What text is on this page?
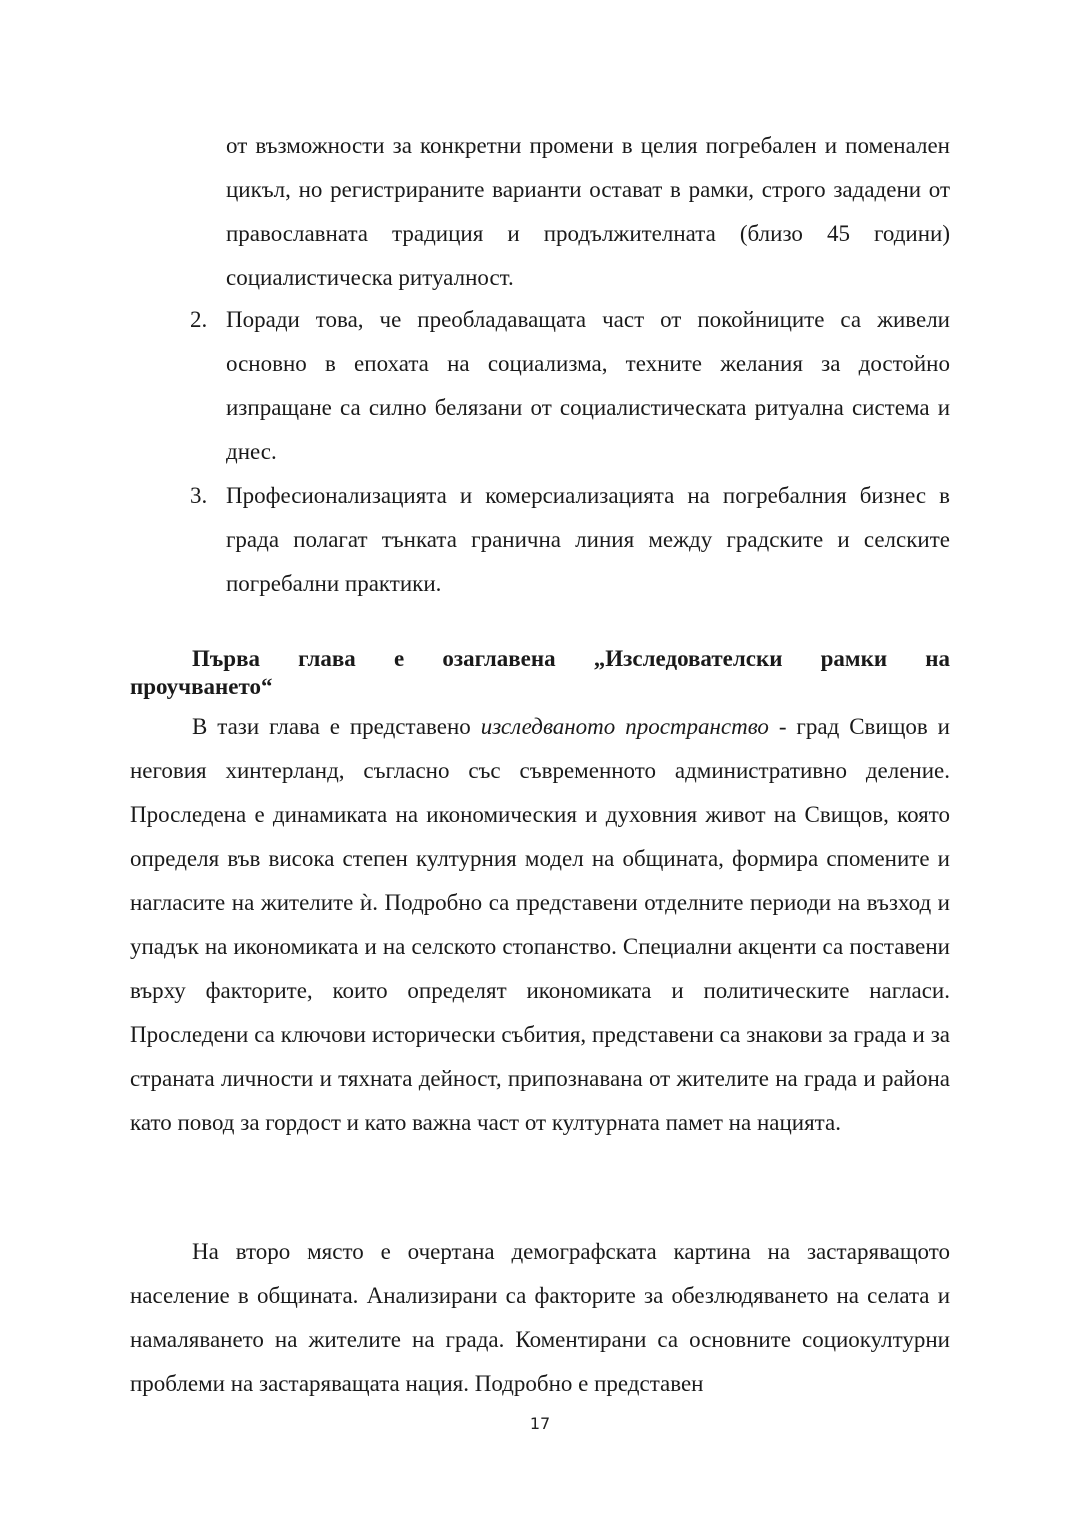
от възможности за конкретни промени в целия погребален и поменален цикъл, но регистрираните варианти остават в рамки, строго зададени от православната традиция и продължителната (близо 45 години) социалистическа ритуалност.

2. Поради това, че преобладаващата част от покойниците са живели основно в епохата на социализма, техните желания за достойно изпращане са силно белязани от социалистическата ритуална система и днес.
3. Професионализацията и комерсиализацията на погребалния бизнес в града полагат тънката гранична линия между градските и селските погребални практики.
Първа глава е озаглавена „Изследователски рамки на
проучването“

В тази глава е представено изследваното пространство - град Свищов и неговия хинтерланд, съгласно със съвременното административно деление. Проследена е динамиката на икономическия и духовния живот на Свищов, която определя във висока степен културния модел на общината, формира спомените и нагласите на жителите ѝ. Подробно са представени отделните периоди на възход и упадък на икономиката и на селското стопанство. Специални акценти са поставени върху факторите, които определят икономиката и политическите нагласи. Проследени са ключови исторически събития, представени са знакови за града и за страната личности и тяхната дейност, припознавана от жителите на града и района като повод за гордост и като важна част от културната памет на нацията.

На второ място е очертана демографската картина на застаряващото население в общината. Анализирани са факторите за обезлюдяването на селата и намаляването на жителите на града. Коментирани са основните социокултурни проблеми на застаряващата нация. Подробно е представен

17
